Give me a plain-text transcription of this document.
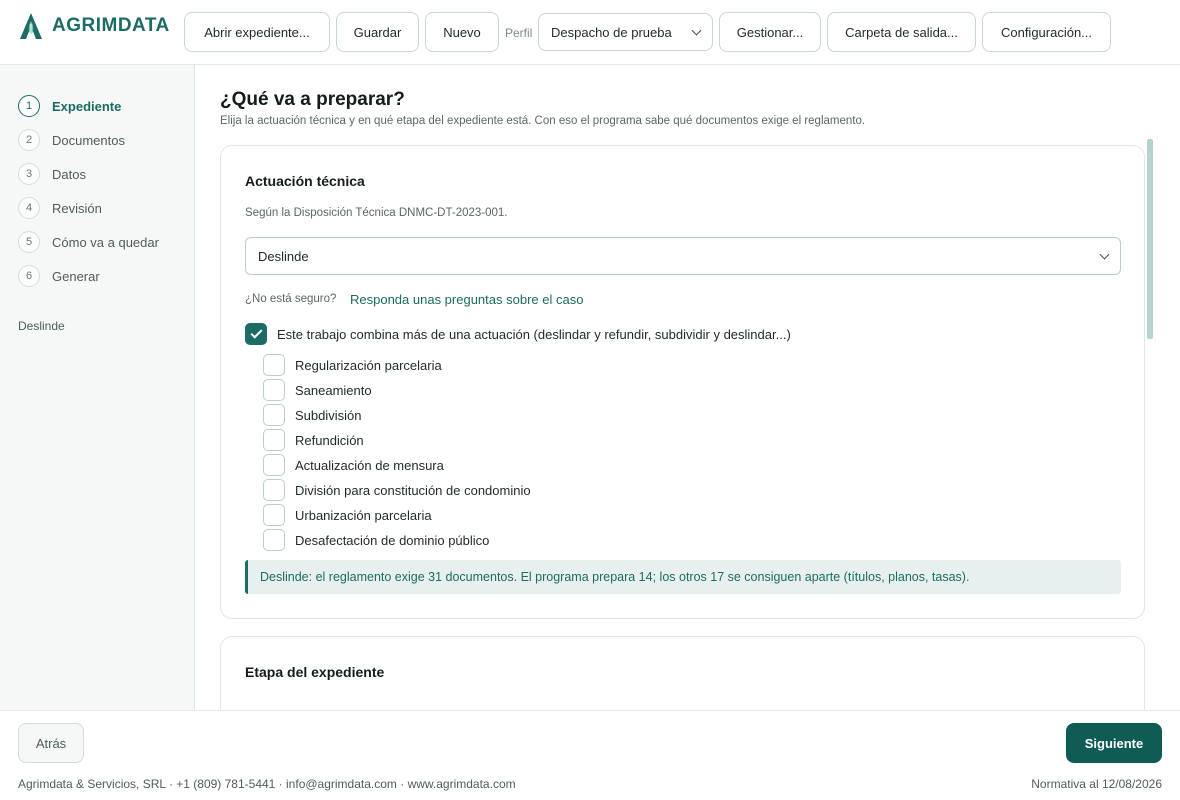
AGRIMDATA	Abrir expediente...	Guardar	Nuevo	Perfil Despacho de prueba	Gestionar...	Carpeta de salida...	Configuración...
1	Expediente
2	Documentos
3	Datos
4	Revisión
5	Cómo va a quedar
6	Generar
Deslinde
¿Qué va a preparar?

Elija la actuación técnica y en qué etapa del expediente está. Con eso el programa sabe qué documentos exige el reglamento.

Actuación técnica
Según la Disposición Técnica DNMC-DT-2023-001.
Deslinde
¿No está seguro? Responda unas preguntas sobre el caso
Este trabajo combina más de una actuación (deslindar y refundir, subdividir y deslindar...)
Regularización parcelaria
Saneamiento
Subdivisión
Refundición
Actualización de mensura
División para constitución de condominio
Urbanización parcelaria
Desafectación de dominio público
Deslinde: el reglamento exige 31 documentos. El programa prepara 14; los otros 17 se consiguen aparte (títulos, planos, tasas).
Etapa del expediente
Atrás	Siguiente
Agrimdata & Servicios, SRL · +1 (809) 781-5441 · info@agrimdata.com · www.agrimdata.com	Normativa al 12/08/2026
